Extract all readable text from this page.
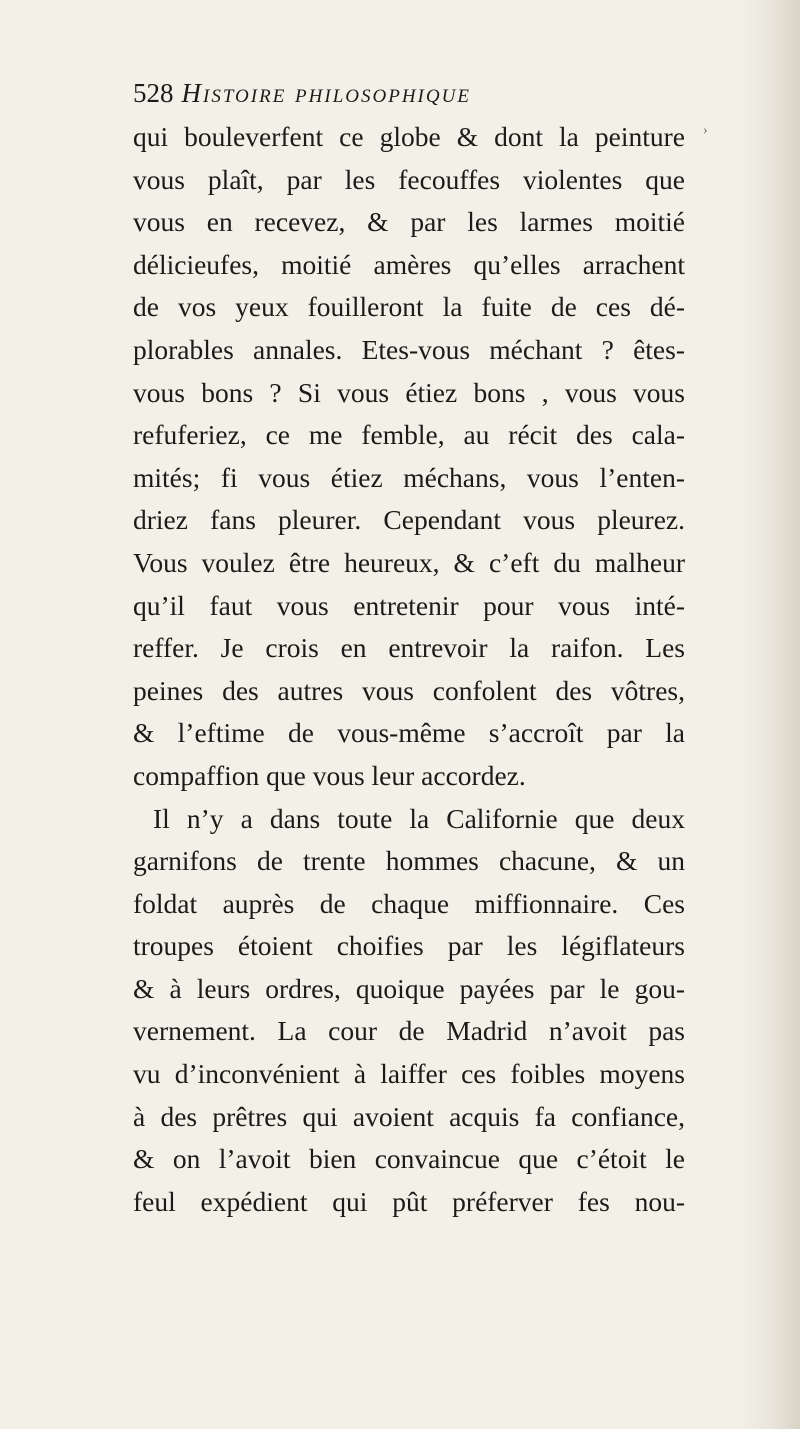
528 Histoire philosophique
›
qui bouleverfent ce globe & dont la peinture
vous plaît, par les fecouffes violentes que
vous en recevez, & par les larmes moitié
délicieufes, moitié amères qu’elles arrachent
de vos yeux fouilleront la fuite de ces dé-
plorables annales. Etes-vous méchant ? êtes-
vous bons ? Si vous étiez bons , vous vous
refuferiez, ce me femble, au récit des cala-
mités; fi vous étiez méchans, vous l’enten-
driez fans pleurer. Cependant vous pleurez.
Vous voulez être heureux, & c’eft du malheur
qu’il faut vous entretenir pour vous inté-
reffer. Je crois en entrevoir la raifon. Les
peines des autres vous confolent des vôtres,
& l’eftime de vous-même s’accroît par la
compaffion que vous leur accordez.
Il n’y a dans toute la Californie que deux
garnifons de trente hommes chacune, & un
foldat auprès de chaque miffionnaire. Ces
troupes étoient choifies par les légiflateurs
& à leurs ordres, quoique payées par le gou-
vernement. La cour de Madrid n’avoit pas
vu d’inconvénient à laiffer ces foibles moyens
à des prêtres qui avoient acquis fa confiance,
& on l’avoit bien convaincue que c’étoit le
feul expédient qui pût préferver fes nou-
